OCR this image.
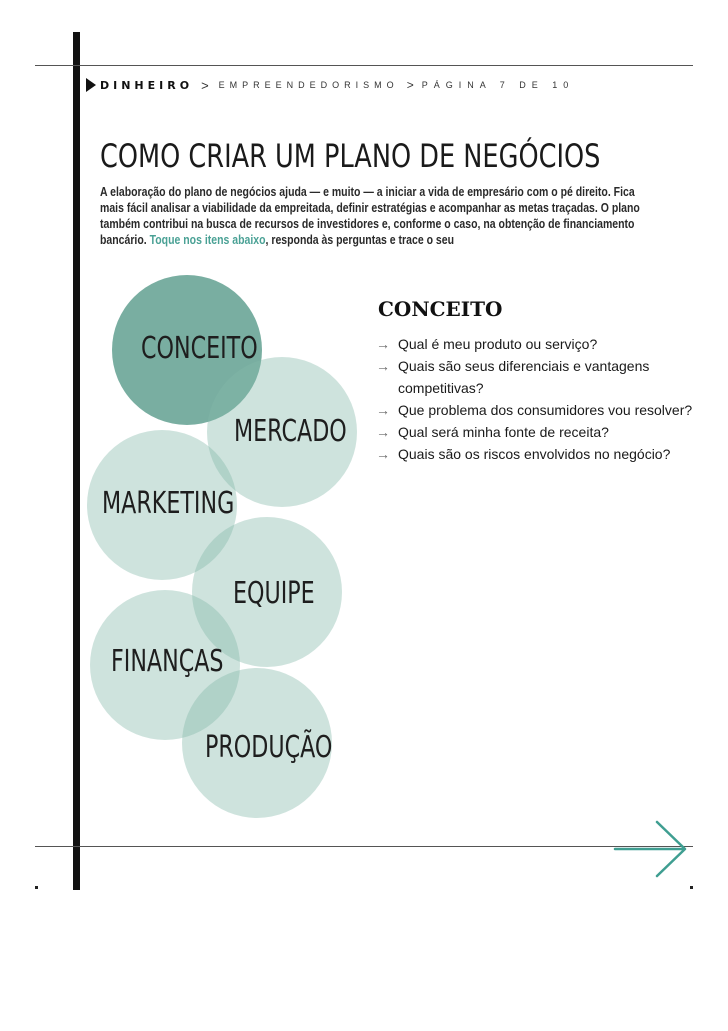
DINHEIRO > EMPREENDEDORISMO > PÁGINA 7 DE 10
COMO CRIAR UM PLANO DE NEGÓCIOS

A elaboração do plano de negócios ajuda — e muito — a iniciar a vida de empresário com o pé direito. Fica mais fácil analisar a viabilidade da empreitada, definir estratégias e acompanhar as metas traçadas. O plano também contribui na busca de recursos de investidores e, conforme o caso, na obtenção de financiamento bancário. Toque nos itens abaixo, responda às perguntas e trace o seu

CONCEITO
MERCADO
MARKETING
EQUIPE
FINANÇAS
PRODUÇÃO
CONCEITO
→ Qual é meu produto ou serviço?
→ Quais são seus diferenciais e vantagens competitivas?
→ Que problema dos consumidores vou resolver?
→ Qual será minha fonte de receita?
→ Quais são os riscos envolvidos no negócio?
